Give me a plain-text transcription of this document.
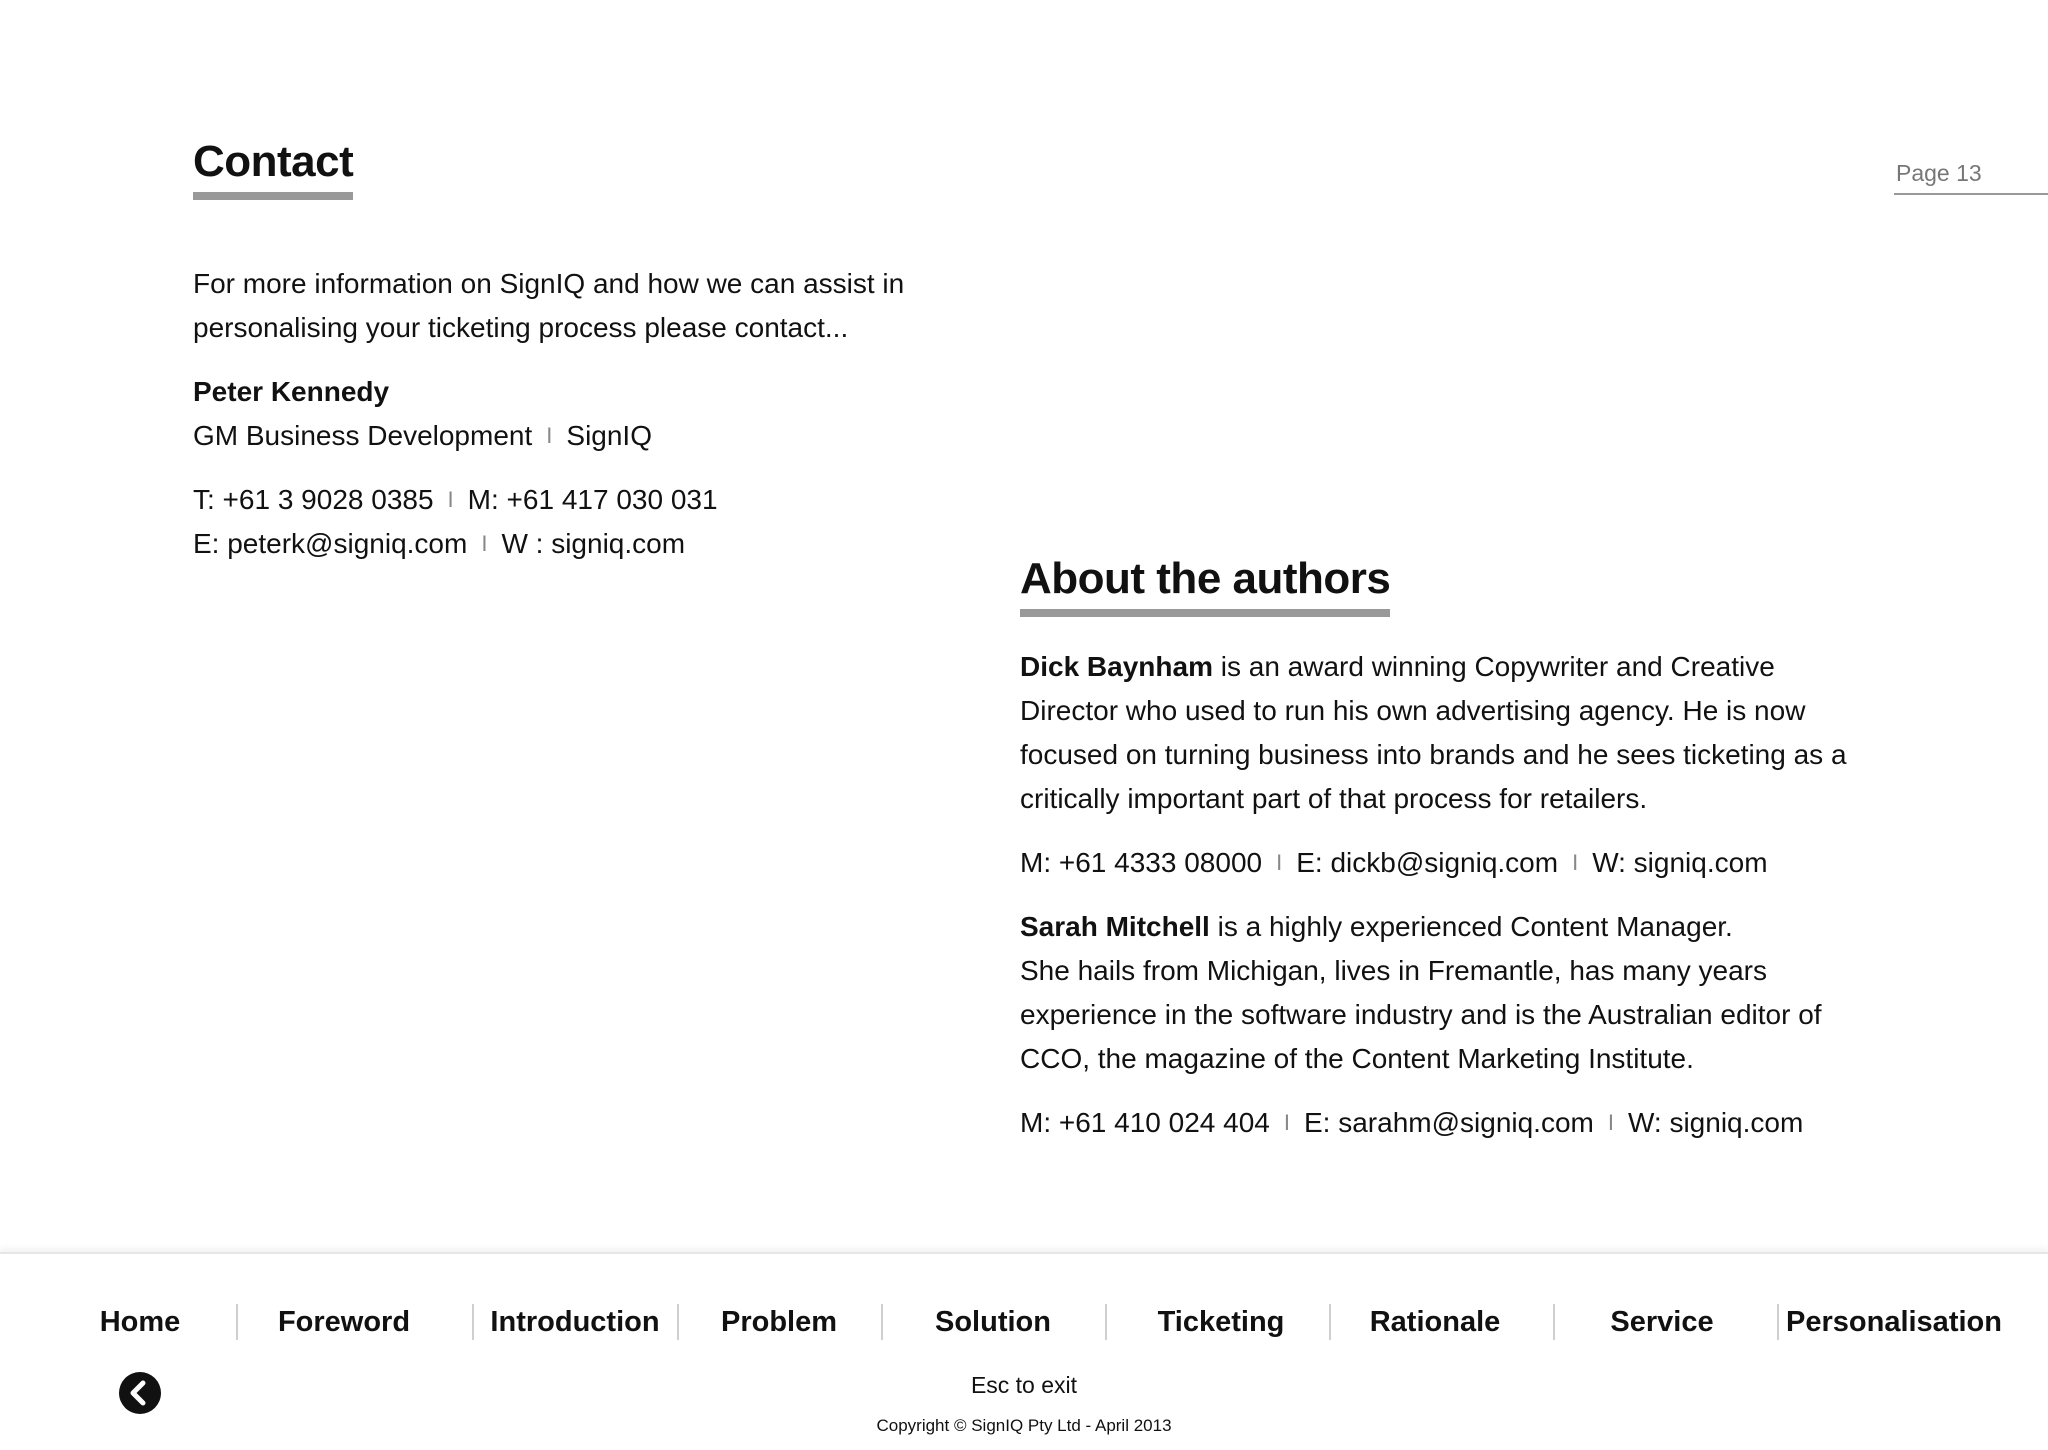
Page 13
Contact

For more information on SignIQ and how we can assist in personalising your ticketing process please contact...

Peter Kennedy

GM Business Development I SignIQ

T: +61 3 9028 0385 I M: +61 417 030 031

E: peterk@signiq.com I W : signiq.com

About the authors

Dick Baynham is an award winning Copywriter and Creative Director who used to run his own advertising agency. He is now focused on turning business into brands and he sees ticketing as a critically important part of that process for retailers.

M: +61 4333 08000 I E: dickb@signiq.com I W: signiq.com

Sarah Mitchell is a highly experienced Content Manager.

She hails from Michigan, lives in Fremantle, has many years experience in the software industry and is the Australian editor of CCO, the magazine of the Content Marketing Institute.

M: +61 410 024 404 I E: sarahm@signiq.com I W: signiq.com

Home	Foreword	Introduction	Problem	Solution	Ticketing	Rationale	Service	Personalisation
Esc to exit
Copyright © SignIQ Pty Ltd - April 2013
